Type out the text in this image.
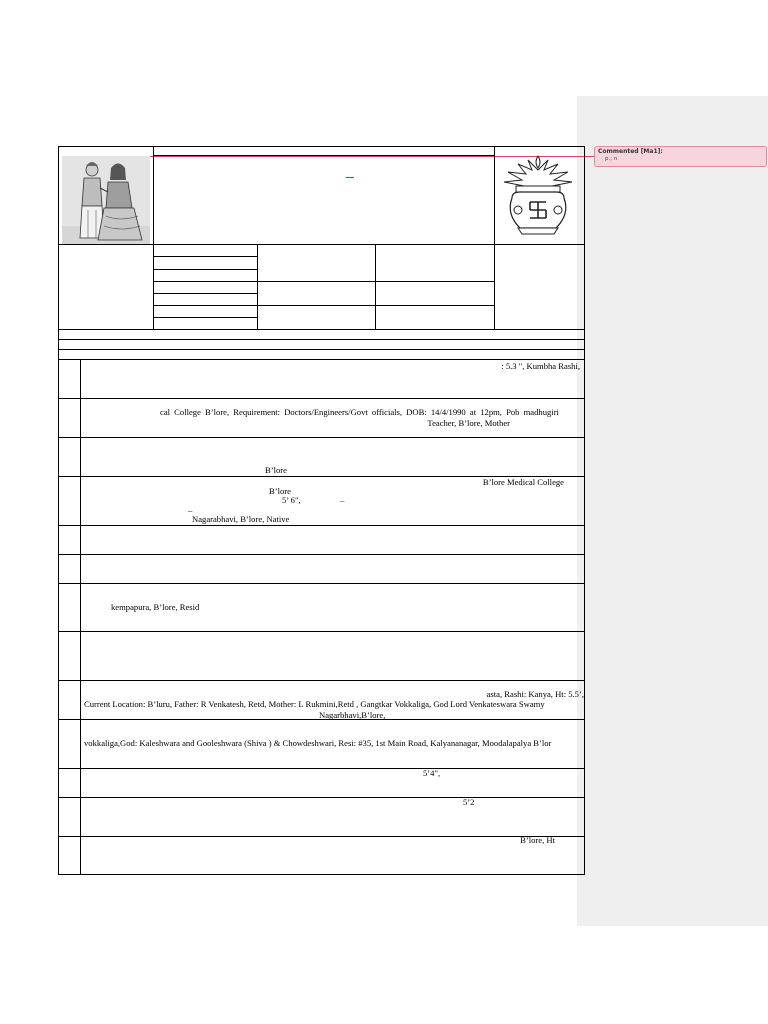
Commented [Ma1]:
p.; n
: 5.3 ", Kumbha Rashi,
cal College B’lore, Requirement: Doctors/Engineers/Govt officials, DOB: 14/4/1990 at 12pm, Pob madhugiri
Teacher, B’lore, Mother
B’lore
B’lore Medical College
B’lore
5’ 6",	–
–
Nagarabhavi, B’lore, Native
kempapura, B’lore, Resid
asta, Rashi: Kanya, Ht: 5.5’,
Current Location: B’luru, Father: R Venkatesh, Retd, Mother: L Rukmini,Retd , Gangtkar Vokkaliga, God Lord Venkateswara Swamy
Nagarbhavi,B’lore,
vokkaliga,God: Kaleshwara and Gooleshwara (Shiva ) & Chowdeshwari, Resi: #35, 1st Main Road, Kalyananagar, Moodalapalya B’lor
5’4",
5’2
B’lore, Ht
